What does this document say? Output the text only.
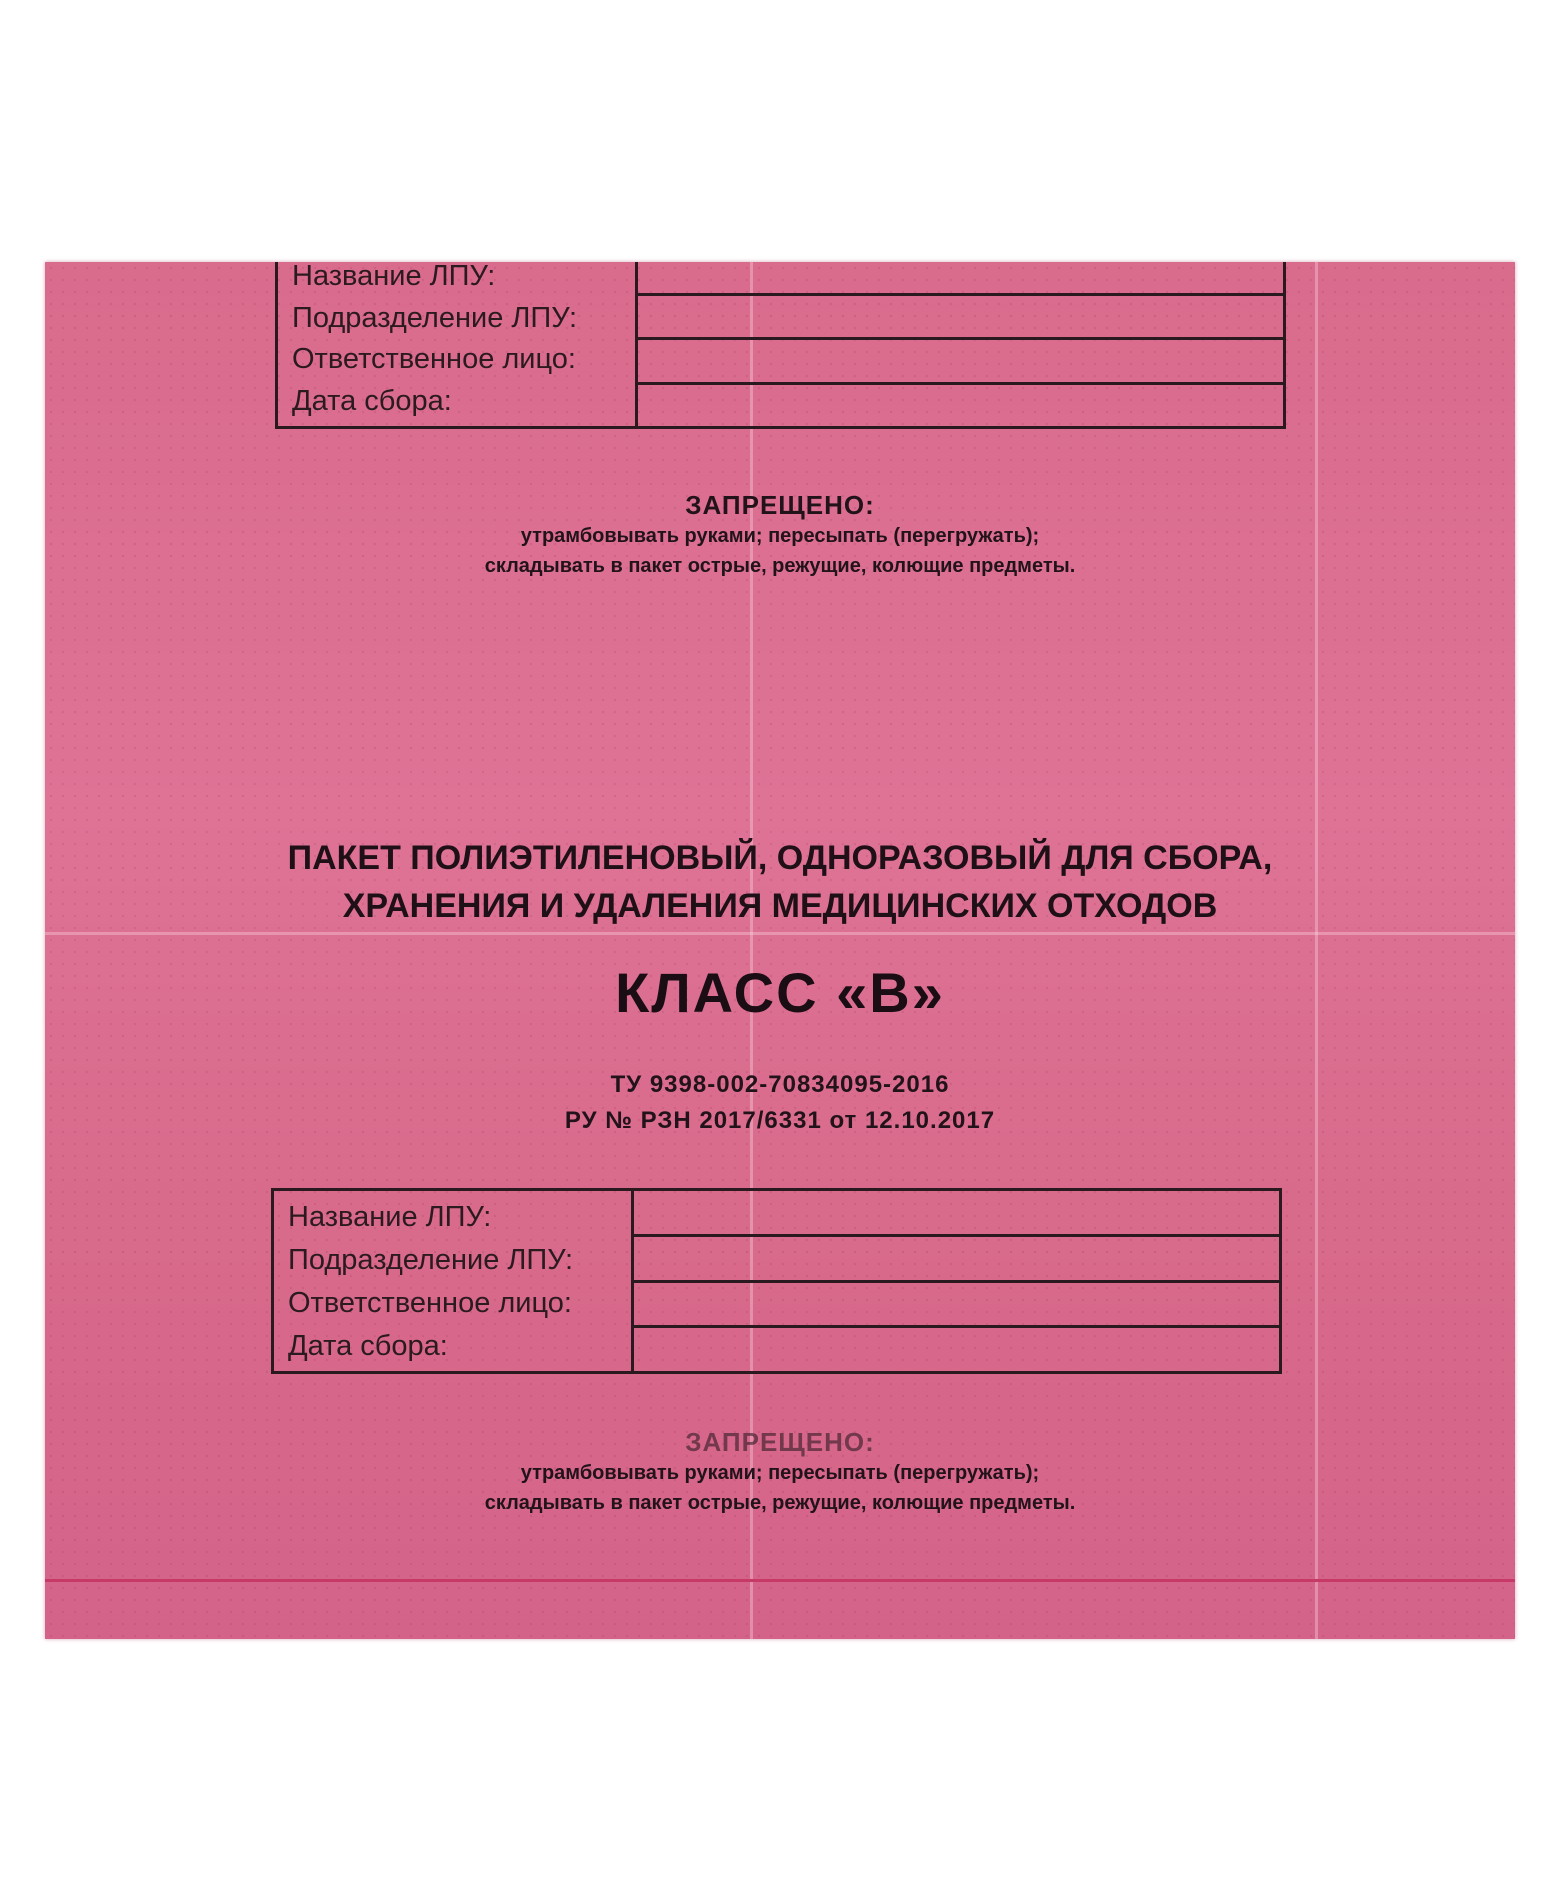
Название ЛПУ:
Подразделение ЛПУ:
Ответственное лицо:
Дата сбора:
ЗАПРЕЩЕНО:
утрамбовывать руками; пересыпать (перегружать);
складывать в пакет острые, режущие, колющие предметы.
ПАКЕТ ПОЛИЭТИЛЕНОВЫЙ, ОДНОРАЗОВЫЙ ДЛЯ СБОРА,
ХРАНЕНИЯ И УДАЛЕНИЯ МЕДИЦИНСКИХ ОТХОДОВ
КЛАСС «В»
ТУ 9398-002-70834095-2016
РУ № РЗН 2017/6331 от 12.10.2017
Название ЛПУ:
Подразделение ЛПУ:
Ответственное лицо:
Дата сбора:
ЗАПРЕЩЕНО:
утрамбовывать руками; пересыпать (перегружать);
складывать в пакет острые, режущие, колющие предметы.
